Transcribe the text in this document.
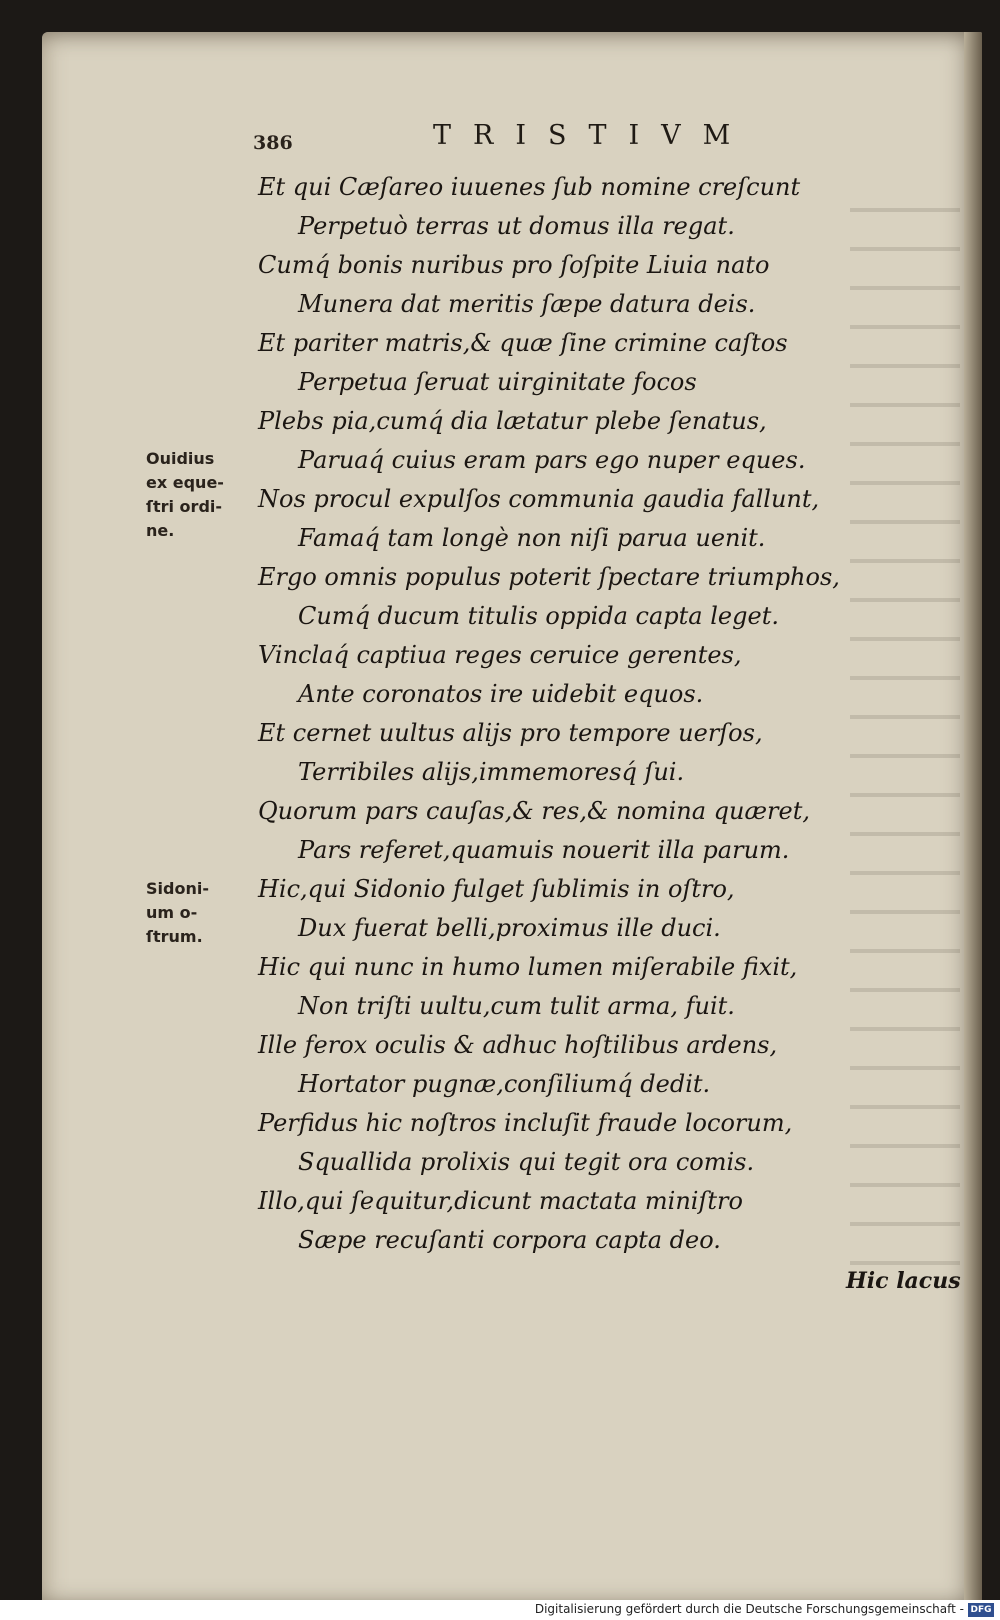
386	TRISTIVM
Et qui Cæſareo iuuenes ſub nomine creſcunt
Perpetuò terras ut domus illa regat.
Cumq́ bonis nuribus pro ſoſpite Liuia nato
Munera dat meritis ſæpe datura deis.
Et pariter matris,& quæ ſine crimine caſtos
Perpetua ſeruat uirginitate focos
Plebs pia,cumq́ dia lætatur plebe ſenatus,
Paruaq́ cuius eram pars ego nuper eques.
Nos procul expulſos communia gaudia fallunt,
Famaq́ tam longè non niſi parua uenit.
Ergo omnis populus poterit ſpectare triumphos,
Cumq́ ducum titulis oppida capta leget.
Vinclaq́ captiua reges ceruice gerentes,
Ante coronatos ire uidebit equos.
Et cernet uultus alijs pro tempore uerſos,
Terribiles alijs,immemoresq́ ſui.
Quorum pars cauſas,& res,& nomina quæret,
Pars referet,quamuis nouerit illa parum.
Hic,qui Sidonio fulget ſublimis in oſtro,
Dux fuerat belli,proximus ille duci.
Hic qui nunc in humo lumen miſerabile fixit,
Non triſti uultu,cum tulit arma, fuit.
Ille ferox oculis & adhuc hoſtilibus ardens,
Hortator pugnæ,conſiliumq́ dedit.
Perfidus hic noſtros incluſit fraude locorum,
Squallida prolixis qui tegit ora comis.
Illo,qui ſequitur,dicunt mactata miniſtro
Sæpe recuſanti corpora capta deo.
Ouidius
ex eque-
ſtri ordi-
ne.
Sidoni-
um o-
ſtrum.
Hic lacus
Digitalisierung gefördert durch die Deutsche Forschungsgemeinschaft - DFG
